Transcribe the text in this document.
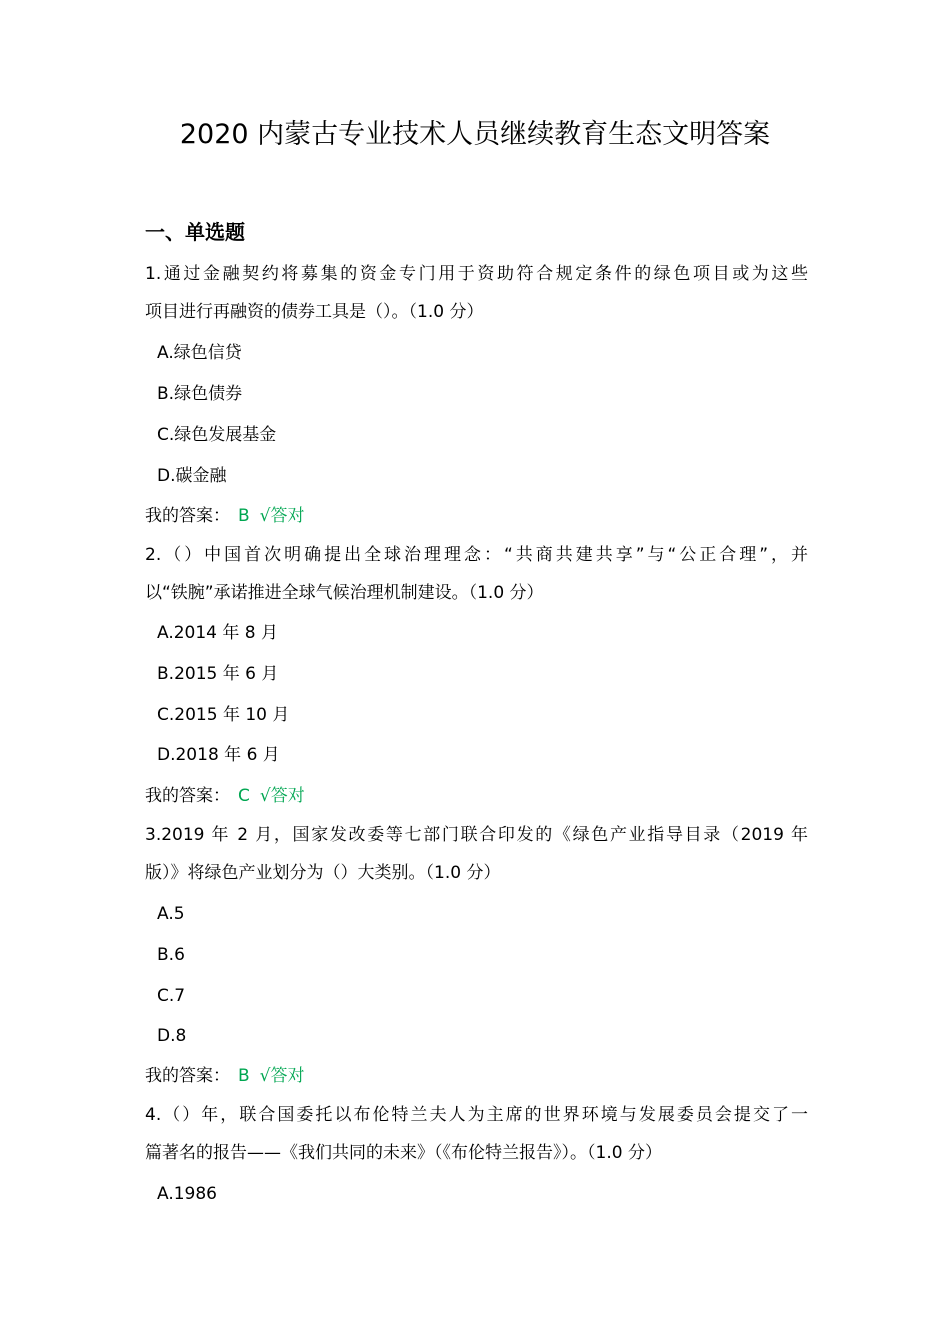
2020 内蒙古专业技术人员继续教育生态文明答案
一、单选题
1.通过金融契约将募集的资金专门用于资助符合规定条件的绿色项目或为这些
项目进行再融资的债券工具是（）。（1.0 分）
A.绿色信贷
B.绿色债券
C.绿色发展基金
D.碳金融
我的答案： B √答对
2.（）中国首次明确提出全球治理理念：“共商共建共享”与“公正合理”，并
以“铁腕”承诺推进全球气候治理机制建设。（1.0 分）
A.2014 年 8 月
B.2015 年 6 月
C.2015 年 10 月
D.2018 年 6 月
我的答案： C √答对
3.2019 年 2 月，国家发改委等七部门联合印发的《绿色产业指导目录（2019 年
版）》将绿色产业划分为（）大类别。（1.0 分）
A.5
B.6
C.7
D.8
我的答案： B √答对
4.（）年，联合国委托以布伦特兰夫人为主席的世界环境与发展委员会提交了一
篇著名的报告——《我们共同的未来》（《布伦特兰报告》）。（1.0 分）
A.1986
